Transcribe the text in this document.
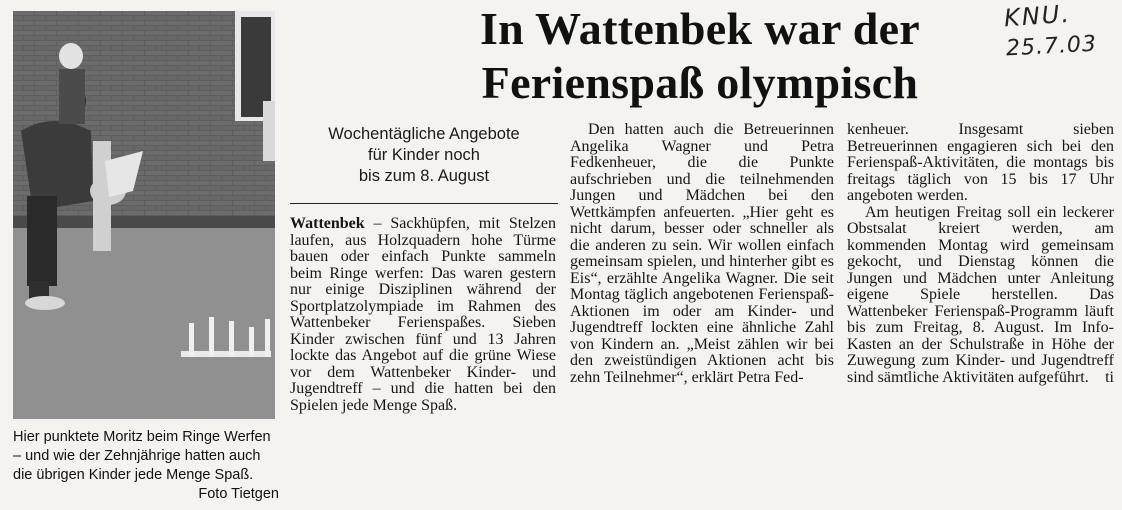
Hier punktete Moritz beim Ringe Werfen – und wie der Zehnjährige hatten auch die übrigen Kinder jede Menge Spaß.
Foto Tietgen
In Wattenbek war der
Ferienspaß olympisch
KNU.
25.7.03
Wochentägliche Angebote
für Kinder noch
bis zum 8. August

Wattenbek – Sackhüpfen, mit Stelzen laufen, aus Holzquadern hohe Türme bauen oder einfach Punkte sammeln beim Ringe werfen: Das waren gestern nur einige Disziplinen während der Sportplatzolympiade im Rahmen des Wattenbeker Ferienspaßes. Sieben Kinder zwischen fünf und 13 Jahren lockte das Angebot auf die grüne Wiese vor dem Wattenbeker Kinder- und Jugendtreff – und die hatten bei den Spielen jede Menge Spaß.

Den hatten auch die Betreuerinnen Angelika Wagner und Petra Fedkenheuer, die die Punkte aufschrieben und die teilnehmenden Jungen und Mädchen bei den Wettkämpfen anfeuerten. „Hier geht es nicht darum, besser oder schneller als die anderen zu sein. Wir wollen einfach gemeinsam spielen, und hinterher gibt es Eis“, erzählte Angelika Wagner. Die seit Montag täglich angebotenen Ferienspaß-Aktionen im oder am Kinder- und Jugendtreff lockten eine ähnliche Zahl von Kindern an. „Meist zählen wir bei den zweistündigen Aktionen acht bis zehn Teilnehmer“, erklärt Petra Fed-

kenheuer. Insgesamt sieben Betreuerinnen engagieren sich bei den Ferienspaß-Aktivitäten, die montags bis freitags täglich von 15 bis 17 Uhr angeboten werden.

Am heutigen Freitag soll ein leckerer Obstsalat kreiert werden, am kommenden Montag wird gemeinsam gekocht, und Dienstag können die Jungen und Mädchen unter Anleitung eigene Spiele herstellen. Das Wattenbeker Ferienspaß-Programm läuft bis zum Freitag, 8. August. Im Info-Kasten an der Schulstraße in Höhe der Zuwegung zum Kinder- und Jugendtreff sind sämtliche Aktivitäten aufgeführt.	ti
